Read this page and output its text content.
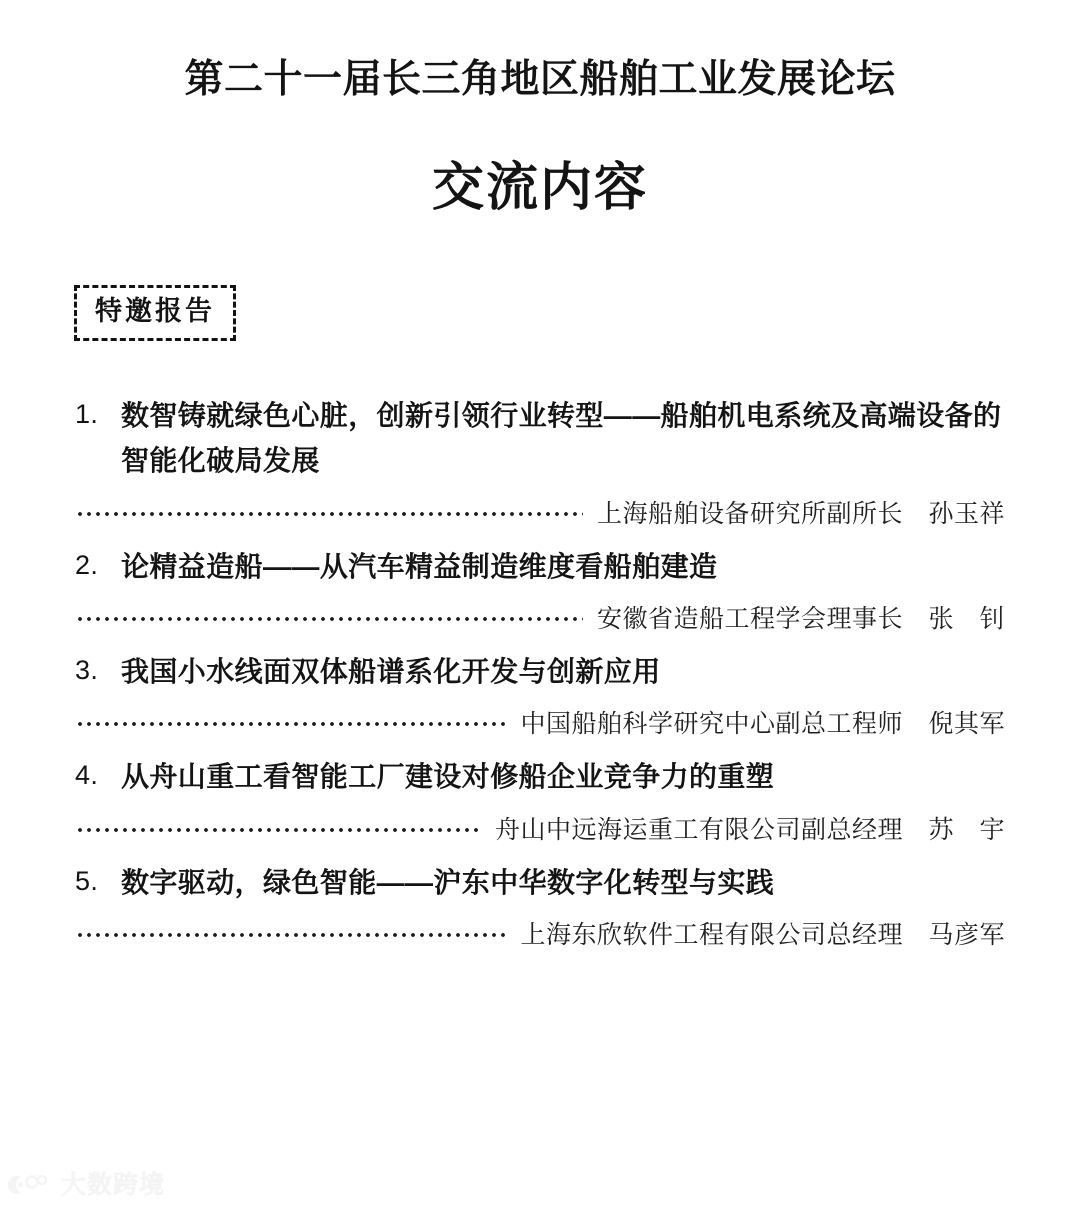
第二十一届长三角地区船舶工业发展论坛
交流内容
特邀报告
1. 数智铸就绿色心脏，创新引领行业转型——船舶机电系统及高端设备的智能化破局发展
上海船舶设备研究所副所长　孙玉祥
2. 论精益造船——从汽车精益制造维度看船舶建造
安徽省造船工程学会理事长　张　钊
3. 我国小水线面双体船谱系化开发与创新应用
中国船舶科学研究中心副总工程师　倪其军
4. 从舟山重工看智能工厂建设对修船企业竞争力的重塑
舟山中远海运重工有限公司副总经理　苏　宇
5. 数字驱动，绿色智能——沪东中华数字化转型与实践
上海东欣软件工程有限公司总经理　马彦军
大数跨境
